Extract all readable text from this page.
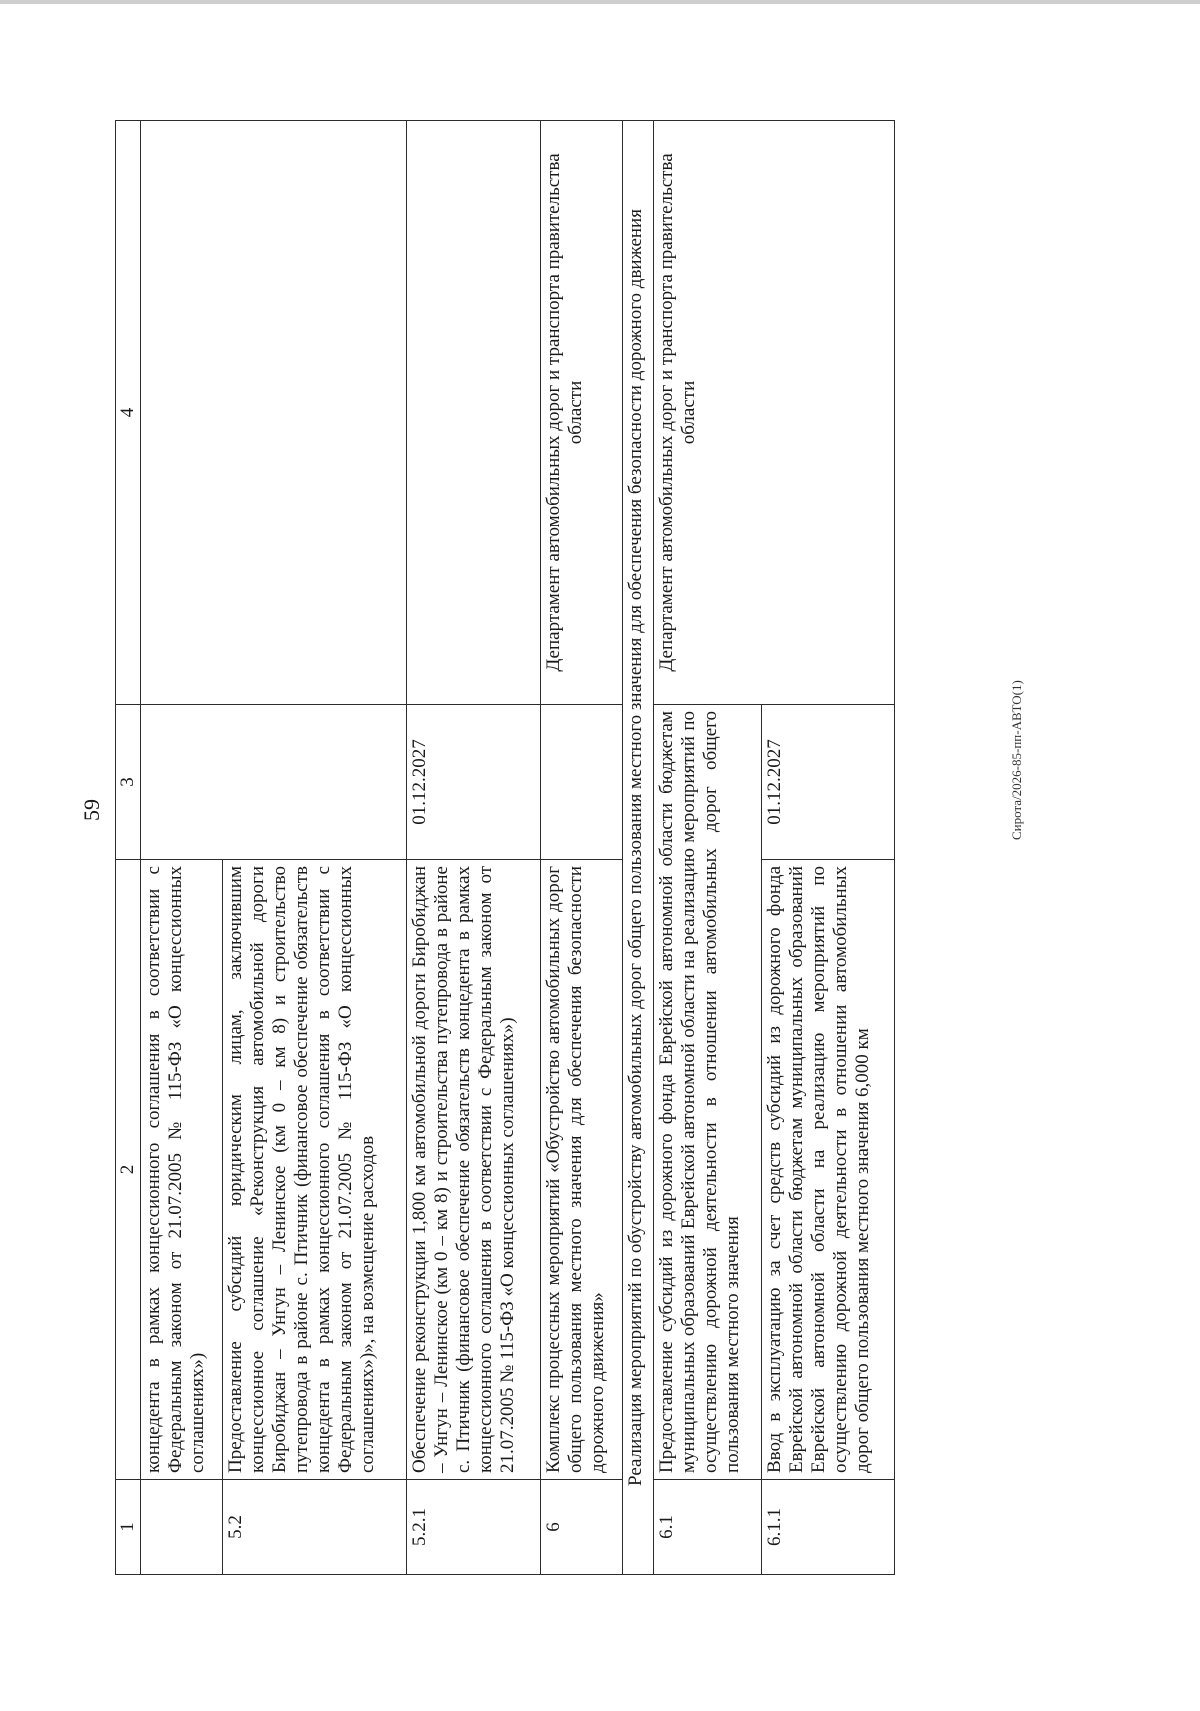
59	Сирота/2026-85-пп-АВТО(1)
1	2	3	4
	концедента в рамках концессионного соглашения в соответствии с Федеральным законом от 21.07.2005 № 115-ФЗ «О концессионных соглашениях»)		
5.2	Предоставление субсидий юридическим лицам, заключившим концессионное соглашение «Реконструкция автомобильной дороги Биробиджан – Унгун – Ленинское (км 0 – км 8) и строительство путепровода в районе с. Птичник (финансовое обеспечение обязательств концедента в рамках концессионного соглашения в соответствии с Федеральным законом от 21.07.2005 № 115-ФЗ «О концессионных соглашениях»)», на возмещение расходов		
5.2.1	Обеспечение реконструкции 1,800 км автомобильной дороги Биробиджан – Унгун – Ленинское (км 0 – км 8) и строительства путепровода в районе с. Птичник (финансовое обеспечение обязательств концедента в рамках концессионного соглашения в соответствии с Федеральным законом от 21.07.2005 № 115-ФЗ «О концессионных соглашениях»)	01.12.2027	
6	Комплекс процессных мероприятий «Обустройство автомобильных дорог общего пользования местного значения для обеспечения безопасности дорожного движения»		Департамент автомобильных дорог и транспорта правительства области
Реализация мероприятий по обустройству автомобильных дорог общего пользования местного значения для обеспечения безопасности дорожного движения			
6.1	Предоставление субсидий из дорожного фонда Еврейской автономной области бюджетам муниципальных образований Еврейской автономной области на реализацию мероприятий по осуществлению дорожной деятельности в отношении автомобильных дорог общего пользования местного значения		Департамент автомобильных дорог и транспорта правительства области
6.1.1	Ввод в эксплуатацию за счет средств субсидий из дорожного фонда Еврейской автономной области бюджетам муниципальных образований Еврейской автономной области на реализацию мероприятий по осуществлению дорожной деятельности в отношении автомобильных дорог общего пользования местного значения 6,000 км	01.12.2027	
